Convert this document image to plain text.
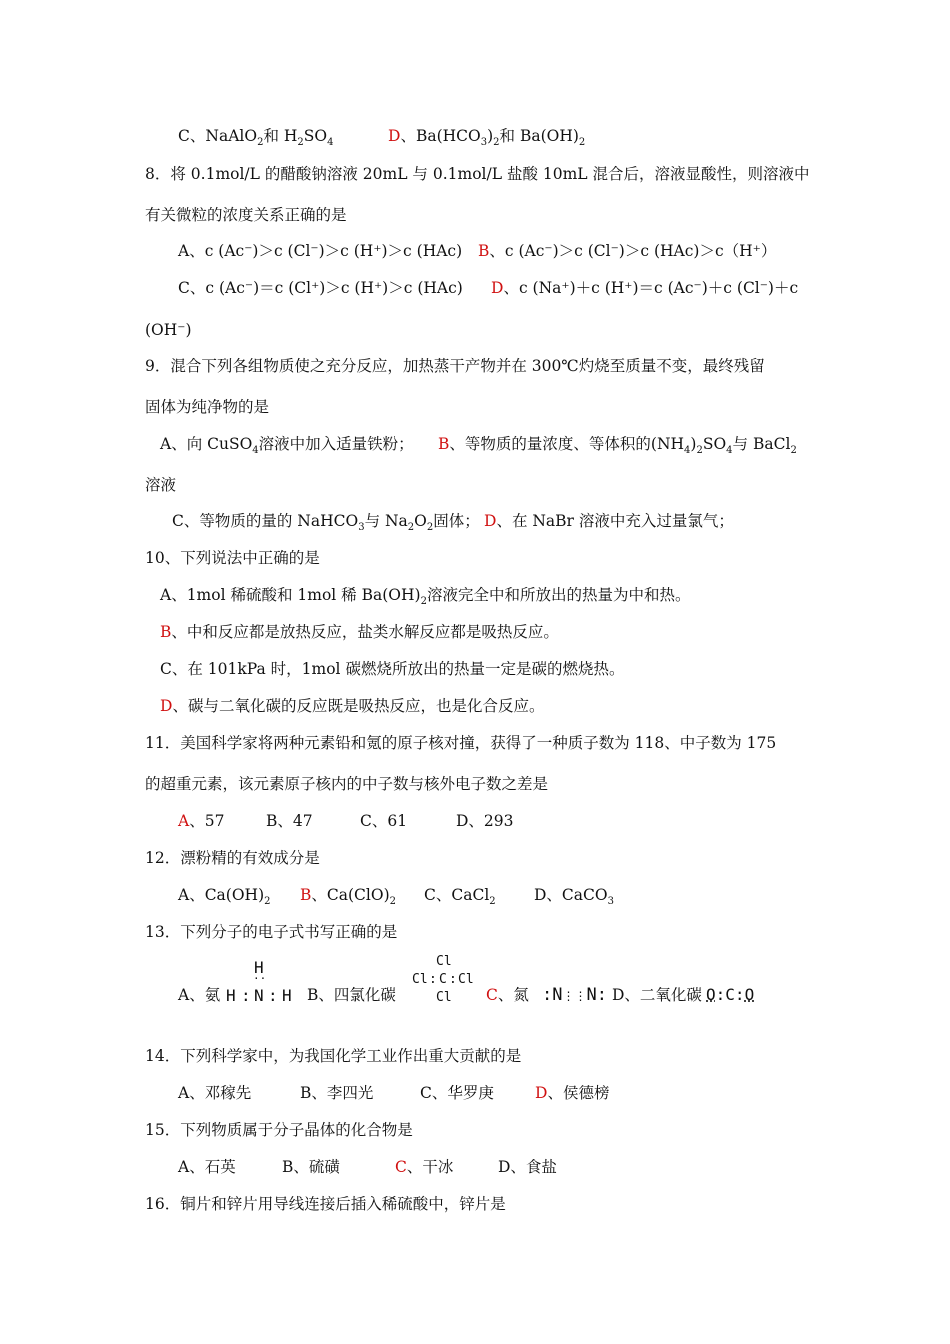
C、NaAlO$_2$和 $H_2SO_4$	D、$Ba(HCO_3)_2$和 $Ba(OH)_2$
8．将 0.1mol/L 的醋酸钠溶液 20mL 与 0.1mol/L 盐酸 10mL 混合后，溶液显酸性，则溶液中
有关微粒的浓度关系正确的是
A、c (Ac⁻)＞c (Cl⁻)＞c (H⁺)＞c (HAc) B、c (Ac⁻)＞c (Cl⁻)＞c (HAc)＞c（H⁺）
C、c (Ac⁻)＝c (Cl⁺)＞c (H⁺)＞c (HAc) D、c (Na⁺)＋c (H⁺)＝c (Ac⁻)＋c (Cl⁻)＋c
(OH⁻)
9．混合下列各组物质使之充分反应，加热蒸干产物并在 300℃灼烧至质量不变，最终残留
固体为纯净物的是
A、向 CuSO$_4$溶液中加入适量铁粉； B、等物质的量浓度、等体积的$(NH_4)_2SO_4$与 BaCl$_2$
溶液
C、等物质的量的 NaHCO$_3$与 $Na_2O_2$固体； D、在 NaBr 溶液中充入过量氯气；
10、下列说法中正确的是
A、1mol 稀硫酸和 1mol 稀 $Ba(OH)_2$溶液完全中和所放出的热量为中和热。
B、中和反应都是放热反应，盐类水解反应都是吸热反应。
C、在 101kPa 时，1mol 碳燃烧所放出的热量一定是碳的燃烧热。
D、碳与二氧化碳的反应既是吸热反应，也是化合反应。
11．美国科学家将两种元素铅和氪的原子核对撞，获得了一种质子数为 118、中子数为 175
的超重元素，该元素原子核内的中子数与核外电子数之差是
A、57	B、47	C、61	D、293
12．漂粉精的有效成分是
A、$Ca(OH)_2$ B、$Ca(ClO)_2$ C、CaCl$_2$ D、CaCO$_3$
13．下列分子的电子式书写正确的是
A、氨
H
··
H : N : H B、四氯化碳
Cl
Cl : C : Cl
Cl C、氮 :N⋮⋮N: D、二氧化碳 O:C:O
14．下列科学家中，为我国化学工业作出重大贡献的是
A、邓稼先	B、李四光	C、华罗庚	D、侯德榜
15．下列物质属于分子晶体的化合物是
A、石英	B、硫磺	C、干冰	D、食盐
16．铜片和锌片用导线连接后插入稀硫酸中，锌片是
